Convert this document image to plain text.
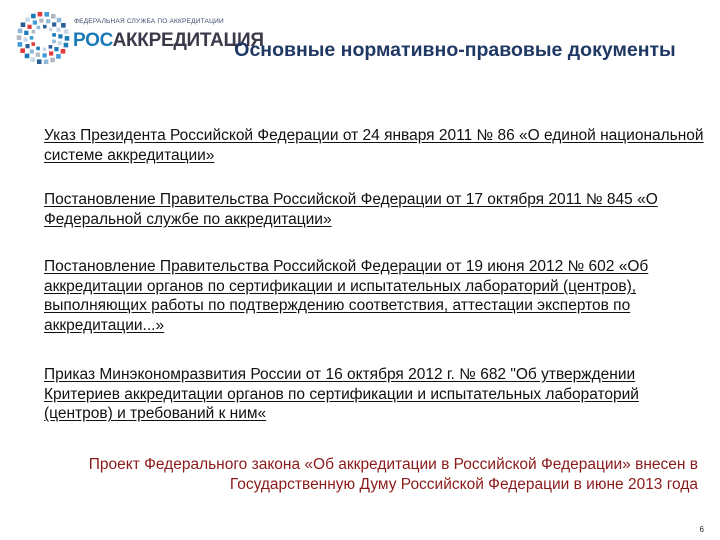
ФЕДЕРАЛЬНАЯ СЛУЖБА ПО АККРЕДИТАЦИИ
РОСАККРЕДИТАЦИЯ
Основные нормативно-правовые документы

Указ Президента Российской Федерации от 24 января 2011 № 86 «О единой национальной системе аккредитации»

Постановление Правительства Российской Федерации от 17 октября 2011 № 845 «О Федеральной службе по аккредитации»

Постановление Правительства Российской Федерации от 19 июня 2012 № 602 «Об аккредитации органов по сертификации и испытательных лабораторий (центров), выполняющих работы по подтверждению соответствия, аттестации экспертов по аккредитации...»

Приказ Минэкономразвития России от 16 октября 2012 г. № 682 "Об утверждении Критериев аккредитации органов по сертификации и испытательных лабораторий (центров) и требований к ним«

Проект Федерального закона «Об аккредитации в Российской Федерации» внесен в Государственную Думу Российской Федерации в июне 2013 года
6
